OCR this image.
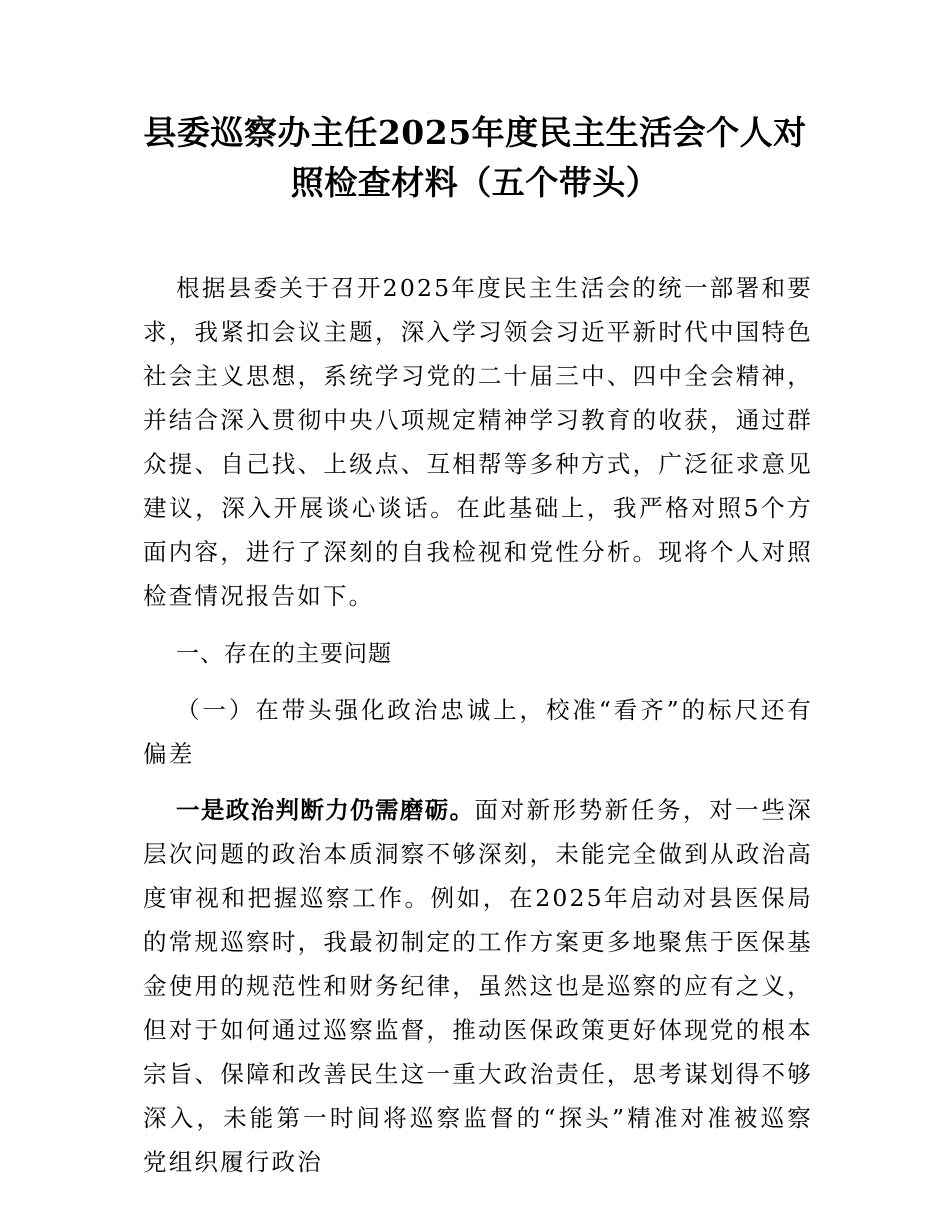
县委巡察办主任2025年度民主生活会个人对
照检查材料（五个带头）

根据县委关于召开2025年度民主生活会的统一部署和要求，我紧扣会议主题，深入学习领会习近平新时代中国特色社会主义思想，系统学习党的二十届三中、四中全会精神，并结合深入贯彻中央八项规定精神学习教育的收获，通过群众提、自己找、上级点、互相帮等多种方式，广泛征求意见建议，深入开展谈心谈话。在此基础上，我严格对照5个方面内容，进行了深刻的自我检视和党性分析。现将个人对照检查情况报告如下。

一、存在的主要问题

（一）在带头强化政治忠诚上，校准“看齐”的标尺还有偏差

一是政治判断力仍需磨砺。面对新形势新任务，对一些深层次问题的政治本质洞察不够深刻，未能完全做到从政治高度审视和把握巡察工作。例如，在2025年启动对县医保局的常规巡察时，我最初制定的工作方案更多地聚焦于医保基金使用的规范性和财务纪律，虽然这也是巡察的应有之义，但对于如何通过巡察监督，推动医保政策更好体现党的根本宗旨、保障和改善民生这一重大政治责任，思考谋划得不够深入，未能第一时间将巡察监督的“探头”精准对准被巡察党组织履行政治
